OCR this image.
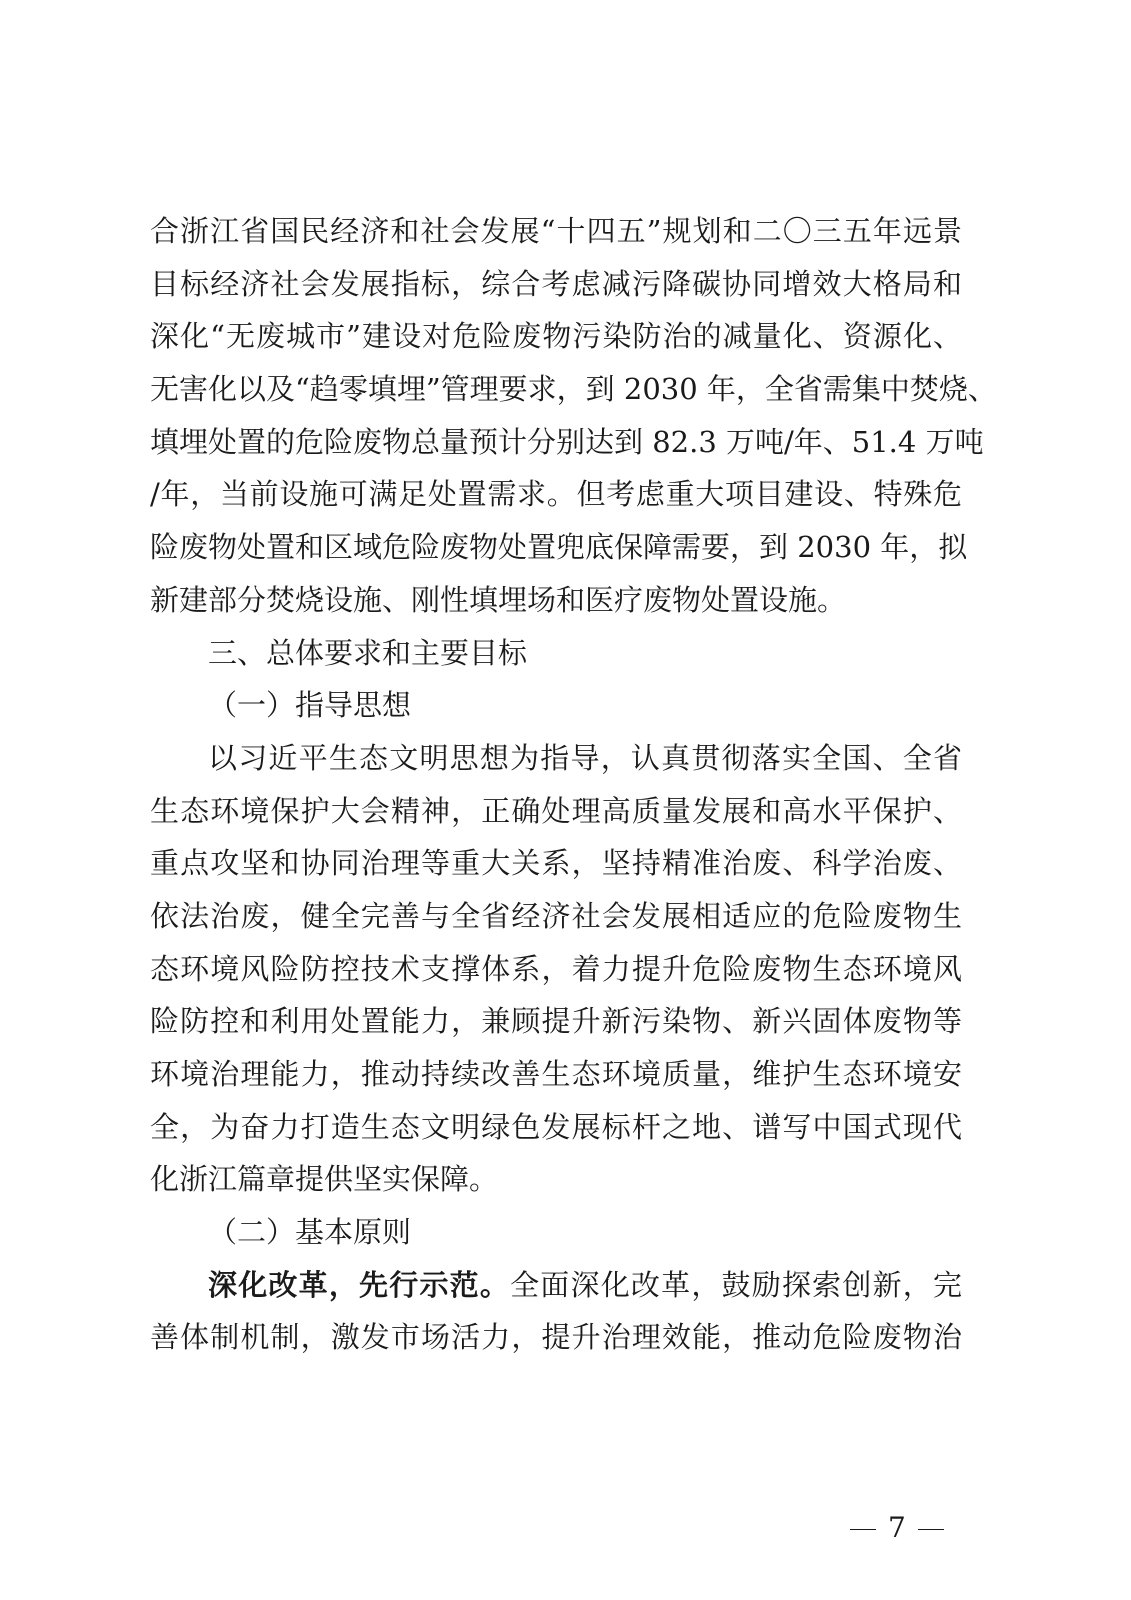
合浙江省国民经济和社会发展“十四五”规划和二〇三五年远景
目标经济社会发展指标，综合考虑减污降碳协同增效大格局和
深化“无废城市”建设对危险废物污染防治的减量化、资源化、
无害化以及“趋零填埋”管理要求，到 2030 年，全省需集中焚烧、
填埋处置的危险废物总量预计分别达到 82.3 万吨/年、51.4 万吨
/年，当前设施可满足处置需求。但考虑重大项目建设、特殊危
险废物处置和区域危险废物处置兜底保障需要，到 2030 年，拟
新建部分焚烧设施、刚性填埋场和医疗废物处置设施。
三、总体要求和主要目标
（一）指导思想
以习近平生态文明思想为指导，认真贯彻落实全国、全省
生态环境保护大会精神，正确处理高质量发展和高水平保护、
重点攻坚和协同治理等重大关系，坚持精准治废、科学治废、
依法治废，健全完善与全省经济社会发展相适应的危险废物生
态环境风险防控技术支撑体系，着力提升危险废物生态环境风
险防控和利用处置能力，兼顾提升新污染物、新兴固体废物等
环境治理能力，推动持续改善生态环境质量，维护生态环境安
全，为奋力打造生态文明绿色发展标杆之地、谱写中国式现代
化浙江篇章提供坚实保障。
（二）基本原则
深化改革，先行示范。全面深化改革，鼓励探索创新，完
善体制机制，激发市场活力，提升治理效能，推动危险废物治
7
